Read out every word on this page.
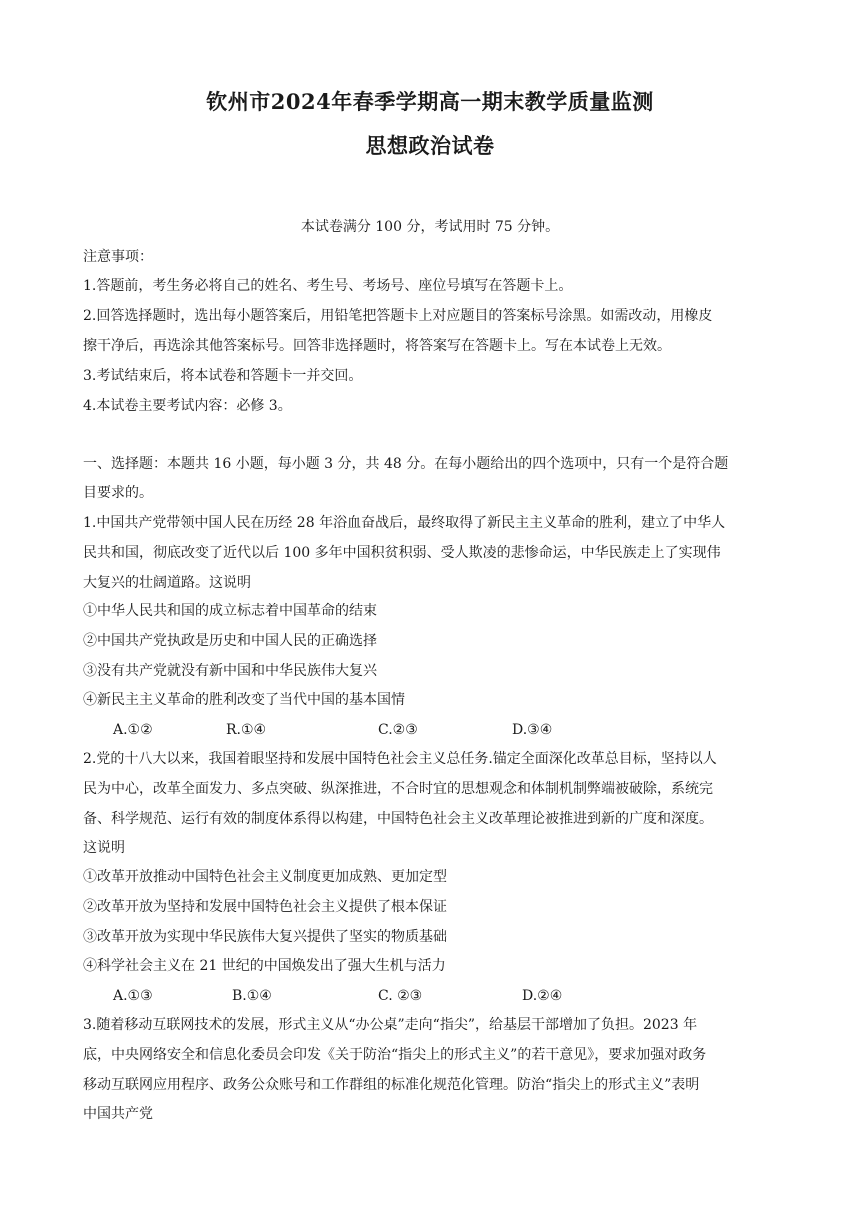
钦州市2024年春季学期高一期末教学质量监测
思想政治试卷
本试卷满分 100 分，考试用时 75 分钟。
注意事项：
1.答题前，考生务必将自己的姓名、考生号、考场号、座位号填写在答题卡上。
2.回答选择题时，选出每小题答案后，用铅笔把答题卡上对应题目的答案标号涂黑。如需改动，用橡皮
擦干净后，再选涂其他答案标号。回答非选择题时，将答案写在答题卡上。写在本试卷上无效。
3.考试结束后，将本试卷和答题卡一并交回。
4.本试卷主要考试内容：必修 3。
一、选择题：本题共 16 小题，每小题 3 分，共 48 分。在每小题给出的四个选项中，只有一个是符合题
目要求的。
1.中国共产党带领中国人民在历经 28 年浴血奋战后，最终取得了新民主主义革命的胜利，建立了中华人
民共和国，彻底改变了近代以后 100 多年中国积贫积弱、受人欺凌的悲惨命运，中华民族走上了实现伟
大复兴的壮阔道路。这说明
①中华人民共和国的成立标志着中国革命的结束
②中国共产党执政是历史和中国人民的正确选择
③没有共产党就没有新中国和中华民族伟大复兴
④新民主主义革命的胜利改变了当代中国的基本国情
A.①②	R.①④	C.②③	D.③④
2.党的十八大以来，我国着眼坚持和发展中国特色社会主义总任务.锚定全面深化改革总目标，坚持以人
民为中心，改革全面发力、多点突破、纵深推进，不合时宜的思想观念和体制机制弊端被破除，系统完
备、科学规范、运行有效的制度体系得以构建，中国特色社会主义改革理论被推进到新的广度和深度。
这说明
①改革开放推动中国特色社会主义制度更加成熟、更加定型
②改革开放为坚持和发展中国特色社会主义提供了根本保证
③改革开放为实现中华民族伟大复兴提供了坚实的物质基础
④科学社会主义在 21 世纪的中国焕发出了强大生机与活力
A.①③	B.①④	C. ②③	D.②④
3.随着移动互联网技术的发展，形式主义从“办公桌”走向“指尖”，给基层干部增加了负担。2023 年
底，中央网络安全和信息化委员会印发《关于防治“指尖上的形式主义”的若干意见》，要求加强对政务
移动互联网应用程序、政务公众账号和工作群组的标准化规范化管理。防治“指尖上的形式主义”表明
中国共产党
